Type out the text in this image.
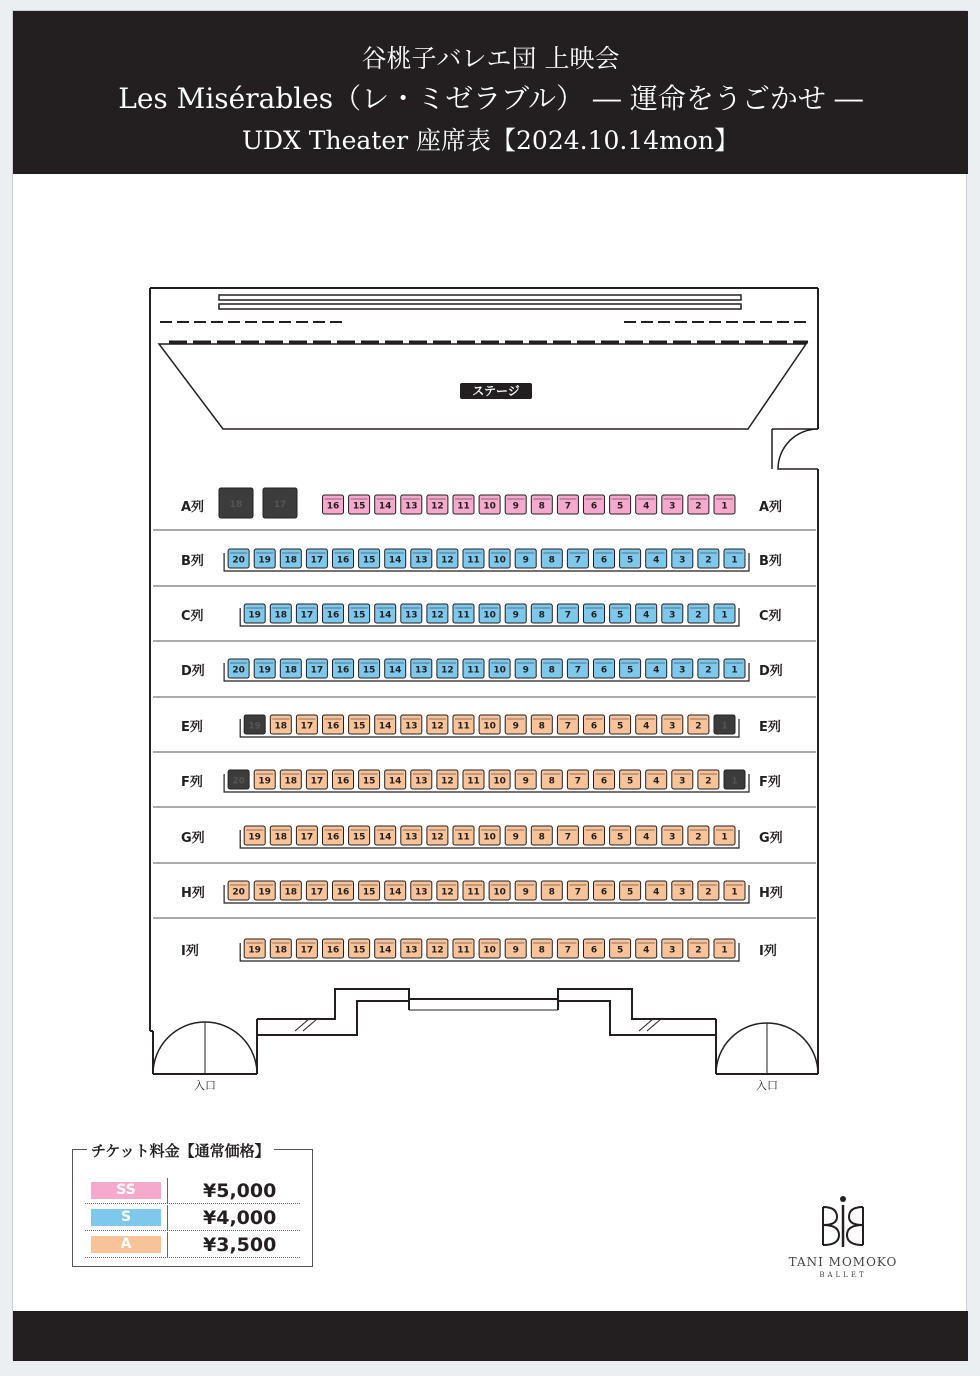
谷桃子バレエ団 上映会
Les Misérables（レ・ミゼラブル） ― 運命をうごかせ ―
UDX Theater 座席表【2024.10.14mon】
ステージ
A列	A列
18	17	16 15 14 13 12 11 10 9 8 7 6 5 4 3 2 1
B列	B列
20 19 18 17 16 15 14 13 12 11 10 9 8 7 6 5 4 3 2 1
C列	C列
19 18 17 16 15 14 13 12 11 10 9 8 7 6 5 4 3 2 1
D列	D列
20 19 18 17 16 15 14 13 12 11 10 9 8 7 6 5 4 3 2 1
E列	E列
19 18 17 16 15 14 13 12 11 10 9 8 7 6 5 4 3 2 1
F列	F列
20 19 18 17 16 15 14 13 12 11 10 9 8 7 6 5 4 3 2 1
G列	G列
19 18 17 16 15 14 13 12 11 10 9 8 7 6 5 4 3 2 1
H列	H列
20 19 18 17 16 15 14 13 12 11 10 9 8 7 6 5 4 3 2 1
I列	I列
19 18 17 16 15 14 13 12 11 10 9 8 7 6 5 4 3 2 1
入口	入口
チケット料金【通常価格】
SS	¥5,000
S	¥4,000
A	¥3,500
TANI MOMOKO
BALLET
